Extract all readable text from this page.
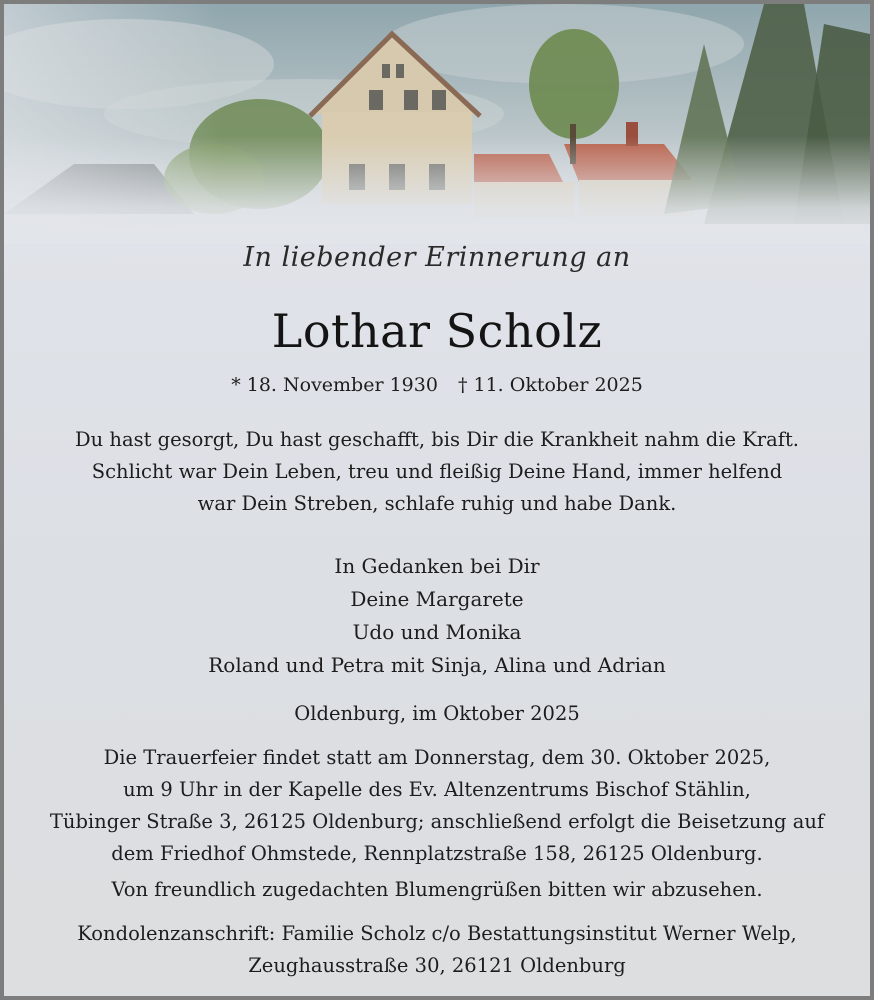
In liebender Erinnerung an
Lothar Scholz
* 18. November 1930 † 11. Oktober 2025
Du hast gesorgt, Du hast geschafft, bis Dir die Krankheit nahm die Kraft.
Schlicht war Dein Leben, treu und fleißig Deine Hand, immer helfend
war Dein Streben, schlafe ruhig und habe Dank.
In Gedanken bei Dir
Deine Margarete
Udo und Monika
Roland und Petra mit Sinja, Alina und Adrian
Oldenburg, im Oktober 2025
Die Trauerfeier findet statt am Donnerstag, dem 30. Oktober 2025,
um 9 Uhr in der Kapelle des Ev. Altenzentrums Bischof Stählin,
Tübinger Straße 3, 26125 Oldenburg; anschließend erfolgt die Beisetzung auf
dem Friedhof Ohmstede, Rennplatzstraße 158, 26125 Oldenburg.
Von freundlich zugedachten Blumengrüßen bitten wir abzusehen.
Kondolenzanschrift: Familie Scholz c/o Bestattungsinstitut Werner Welp,
Zeughausstraße 30, 26121 Oldenburg
